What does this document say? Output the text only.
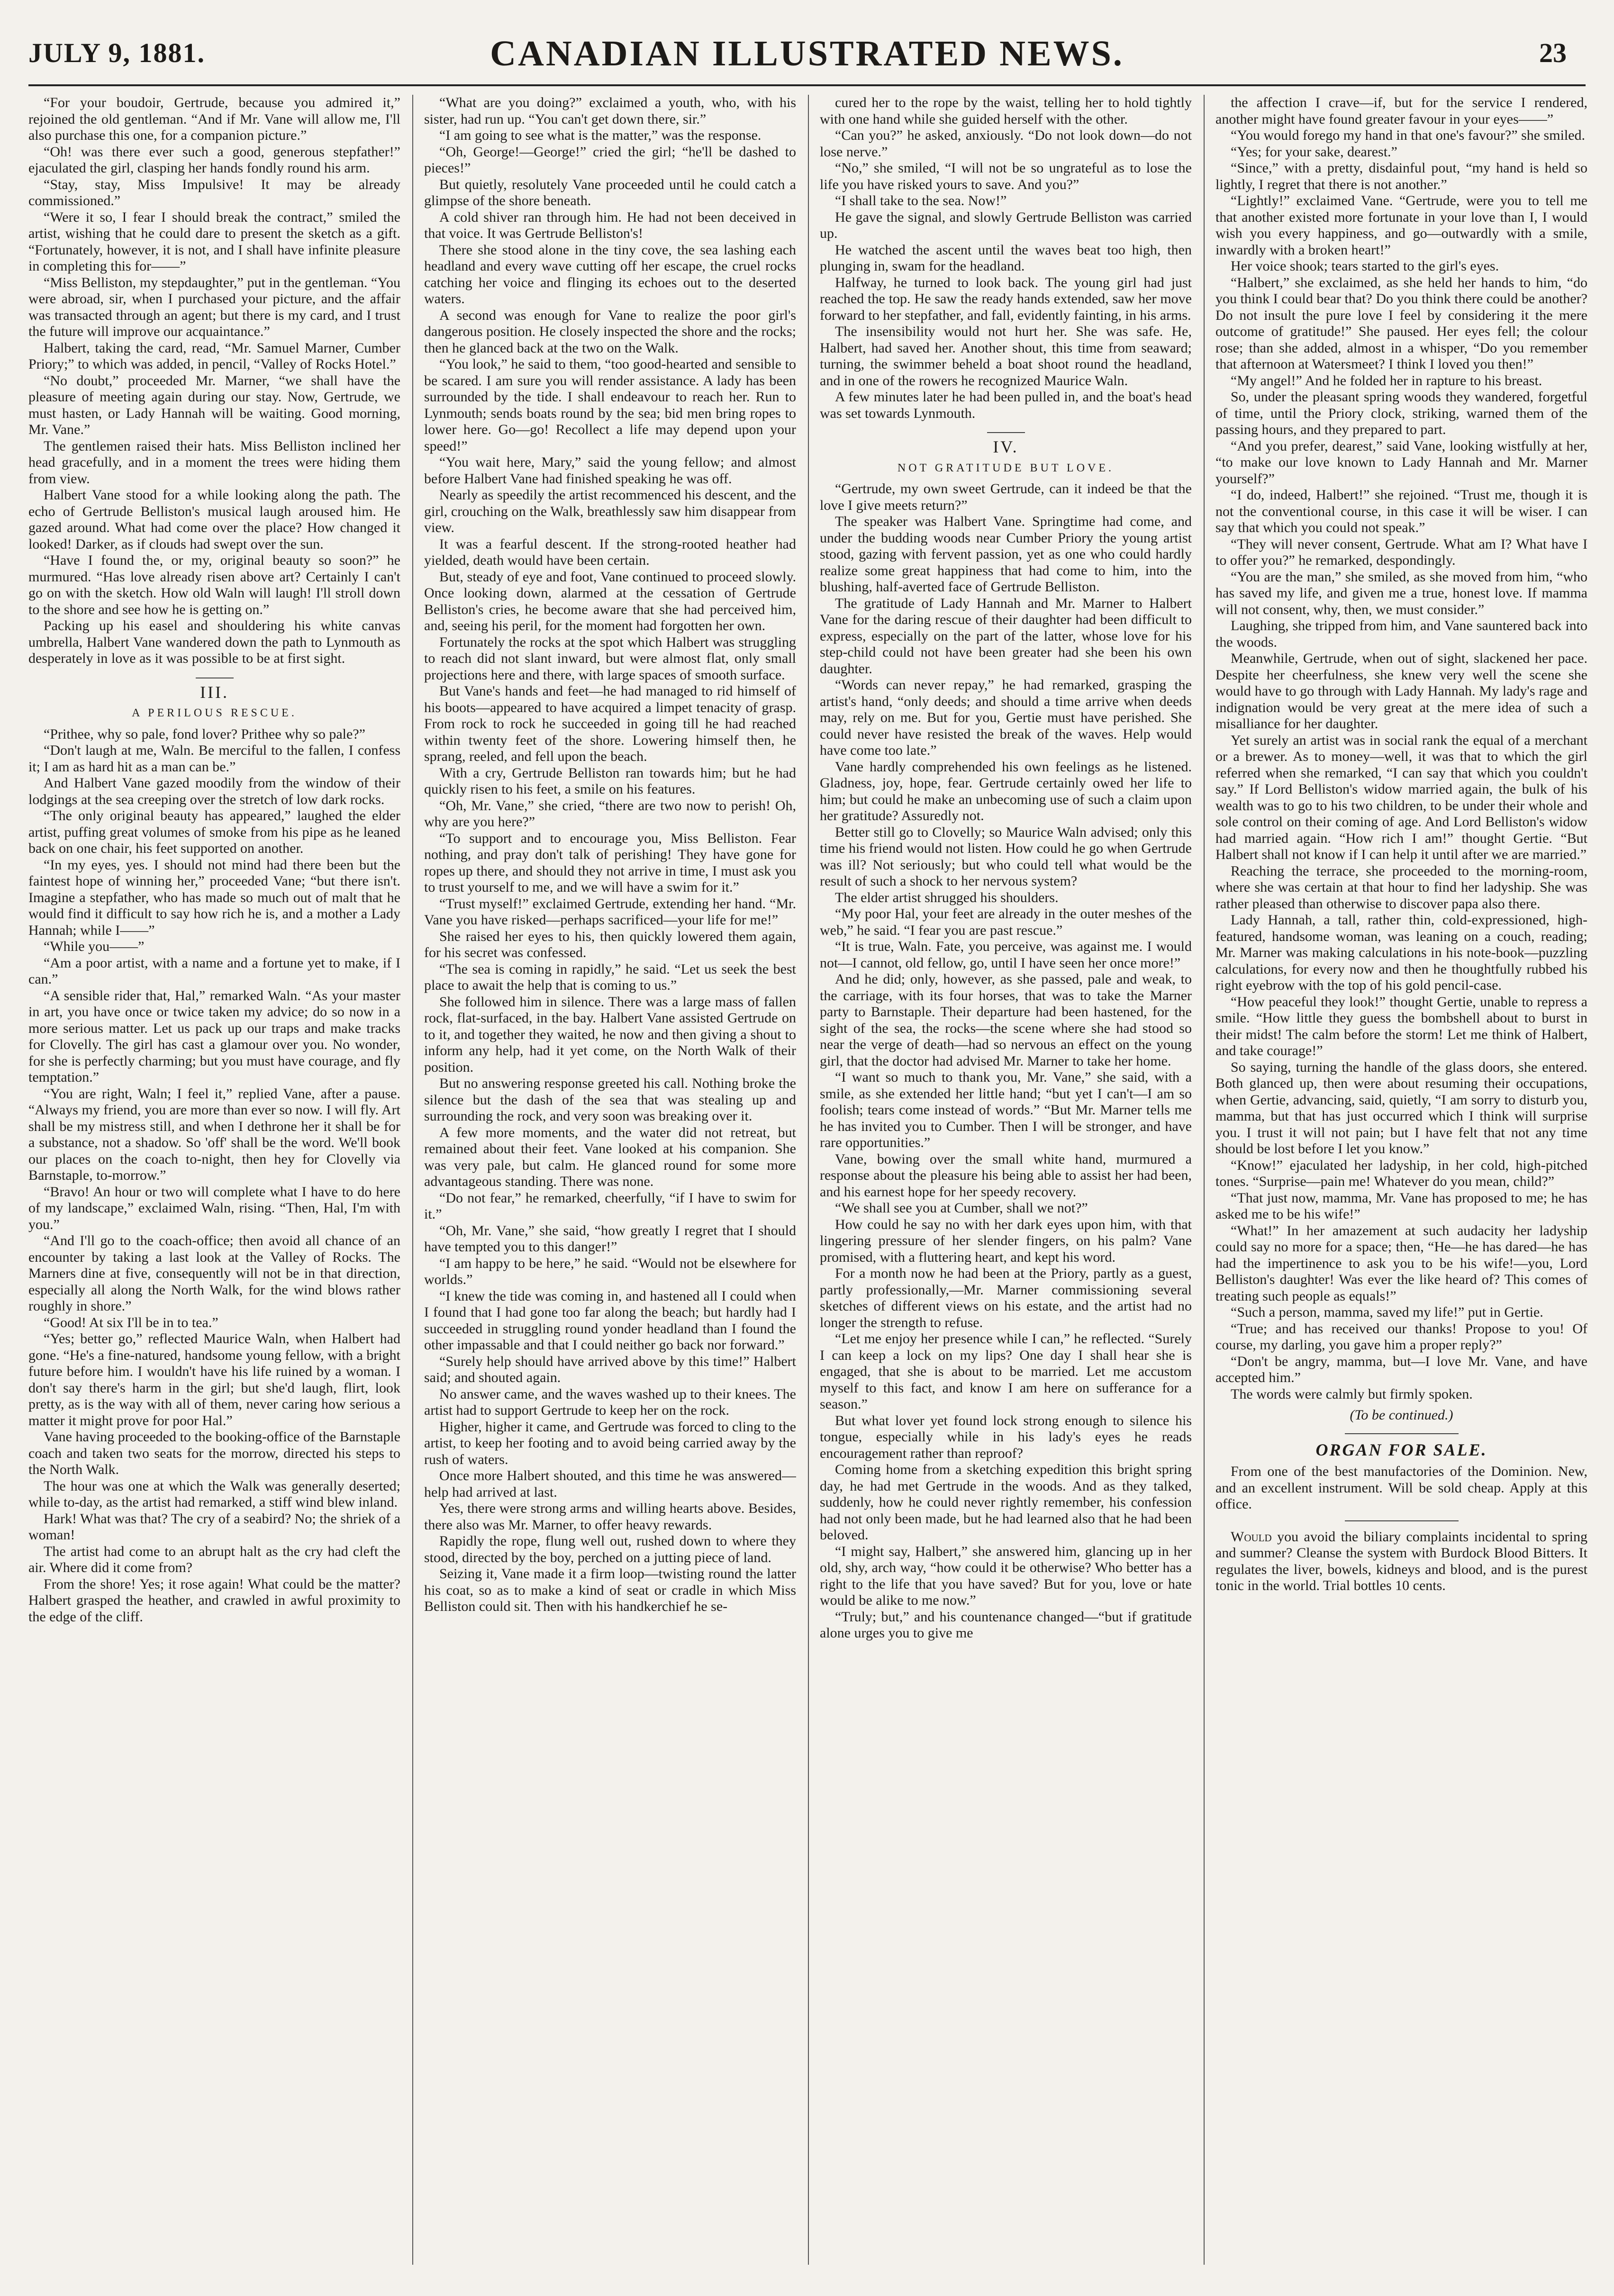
JULY 9, 1881.	CANADIAN ILLUSTRATED NEWS.	23

“For your boudoir, Gertrude, because you admired it,” rejoined the old gentleman. “And if Mr. Vane will allow me, I'll also purchase this one, for a companion picture.”

“Oh! was there ever such a good, generous stepfather!” ejaculated the girl, clasping her hands fondly round his arm.

“Stay, stay, Miss Impulsive! It may be already commissioned.”

“Were it so, I fear I should break the contract,” smiled the artist, wishing that he could dare to present the sketch as a gift. “Fortunately, however, it is not, and I shall have infinite pleasure in completing this for——”

“Miss Belliston, my stepdaughter,” put in the gentleman. “You were abroad, sir, when I purchased your picture, and the affair was transacted through an agent; but there is my card, and I trust the future will improve our acquaintance.”

Halbert, taking the card, read, “Mr. Samuel Marner, Cumber Priory;” to which was added, in pencil, “Valley of Rocks Hotel.”

“No doubt,” proceeded Mr. Marner, “we shall have the pleasure of meeting again during our stay. Now, Gertrude, we must hasten, or Lady Hannah will be waiting. Good morning, Mr. Vane.”

The gentlemen raised their hats. Miss Belliston inclined her head gracefully, and in a moment the trees were hiding them from view.

Halbert Vane stood for a while looking along the path. The echo of Gertrude Belliston's musical laugh aroused him. He gazed around. What had come over the place? How changed it looked! Darker, as if clouds had swept over the sun.

“Have I found the, or my, original beauty so soon?” he murmured. “Has love already risen above art? Certainly I can't go on with the sketch. How old Waln will laugh! I'll stroll down to the shore and see how he is getting on.”

Packing up his easel and shouldering his white canvas umbrella, Halbert Vane wandered down the path to Lynmouth as desperately in love as it was possible to be at first sight.

III.
A PERILOUS RESCUE.

“Prithee, why so pale, fond lover? Prithee why so pale?”

“Don't laugh at me, Waln. Be merciful to the fallen, I confess it; I am as hard hit as a man can be.”

And Halbert Vane gazed moodily from the window of their lodgings at the sea creeping over the stretch of low dark rocks.

“The only original beauty has appeared,” laughed the elder artist, puffing great volumes of smoke from his pipe as he leaned back on one chair, his feet supported on another.

“In my eyes, yes. I should not mind had there been but the faintest hope of winning her,” proceeded Vane; “but there isn't. Imagine a stepfather, who has made so much out of malt that he would find it difficult to say how rich he is, and a mother a Lady Hannah; while I——”

“While you——”

“Am a poor artist, with a name and a fortune yet to make, if I can.”

“A sensible rider that, Hal,” remarked Waln. “As your master in art, you have once or twice taken my advice; do so now in a more serious matter. Let us pack up our traps and make tracks for Clovelly. The girl has cast a glamour over you. No wonder, for she is perfectly charming; but you must have courage, and fly temptation.”

“You are right, Waln; I feel it,” replied Vane, after a pause. “Always my friend, you are more than ever so now. I will fly. Art shall be my mistress still, and when I dethrone her it shall be for a substance, not a shadow. So 'off' shall be the word. We'll book our places on the coach to-night, then hey for Clovelly via Barnstaple, to-morrow.”

“Bravo! An hour or two will complete what I have to do here of my landscape,” exclaimed Waln, rising. “Then, Hal, I'm with you.”

“And I'll go to the coach-office; then avoid all chance of an encounter by taking a last look at the Valley of Rocks. The Marners dine at five, consequently will not be in that direction, especially all along the North Walk, for the wind blows rather roughly in shore.”

“Good! At six I'll be in to tea.”

“Yes; better go,” reflected Maurice Waln, when Halbert had gone. “He's a fine-natured, handsome young fellow, with a bright future before him. I wouldn't have his life ruined by a woman. I don't say there's harm in the girl; but she'd laugh, flirt, look pretty, as is the way with all of them, never caring how serious a matter it might prove for poor Hal.”

Vane having proceeded to the booking-office of the Barnstaple coach and taken two seats for the morrow, directed his steps to the North Walk.

The hour was one at which the Walk was generally deserted; while to-day, as the artist had remarked, a stiff wind blew inland.

Hark! What was that? The cry of a seabird? No; the shriek of a woman!

The artist had come to an abrupt halt as the cry had cleft the air. Where did it come from?

From the shore! Yes; it rose again! What could be the matter? Halbert grasped the heather, and crawled in awful proximity to the edge of the cliff.

“What are you doing?” exclaimed a youth, who, with his sister, had run up. “You can't get down there, sir.”

“I am going to see what is the matter,” was the response.

“Oh, George!—George!” cried the girl; “he'll be dashed to pieces!”

But quietly, resolutely Vane proceeded until he could catch a glimpse of the shore beneath.

A cold shiver ran through him. He had not been deceived in that voice. It was Gertrude Belliston's!

There she stood alone in the tiny cove, the sea lashing each headland and every wave cutting off her escape, the cruel rocks catching her voice and flinging its echoes out to the deserted waters.

A second was enough for Vane to realize the poor girl's dangerous position. He closely inspected the shore and the rocks; then he glanced back at the two on the Walk.

“You look,” he said to them, “too good-hearted and sensible to be scared. I am sure you will render assistance. A lady has been surrounded by the tide. I shall endeavour to reach her. Run to Lynmouth; sends boats round by the sea; bid men bring ropes to lower here. Go—go! Recollect a life may depend upon your speed!”

“You wait here, Mary,” said the young fellow; and almost before Halbert Vane had finished speaking he was off.

Nearly as speedily the artist recommenced his descent, and the girl, crouching on the Walk, breathlessly saw him disappear from view.

It was a fearful descent. If the strong-rooted heather had yielded, death would have been certain.

But, steady of eye and foot, Vane continued to proceed slowly. Once looking down, alarmed at the cessation of Gertrude Belliston's cries, he become aware that she had perceived him, and, seeing his peril, for the moment had forgotten her own.

Fortunately the rocks at the spot which Halbert was struggling to reach did not slant inward, but were almost flat, only small projections here and there, with large spaces of smooth surface.

But Vane's hands and feet—he had managed to rid himself of his boots—appeared to have acquired a limpet tenacity of grasp. From rock to rock he succeeded in going till he had reached within twenty feet of the shore. Lowering himself then, he sprang, reeled, and fell upon the beach.

With a cry, Gertrude Belliston ran towards him; but he had quickly risen to his feet, a smile on his features.

“Oh, Mr. Vane,” she cried, “there are two now to perish! Oh, why are you here?”

“To support and to encourage you, Miss Belliston. Fear nothing, and pray don't talk of perishing! They have gone for ropes up there, and should they not arrive in time, I must ask you to trust yourself to me, and we will have a swim for it.”

“Trust myself!” exclaimed Gertrude, extending her hand. “Mr. Vane you have risked—perhaps sacrificed—your life for me!”

She raised her eyes to his, then quickly lowered them again, for his secret was confessed.

“The sea is coming in rapidly,” he said. “Let us seek the best place to await the help that is coming to us.”

She followed him in silence. There was a large mass of fallen rock, flat-surfaced, in the bay. Halbert Vane assisted Gertrude on to it, and together they waited, he now and then giving a shout to inform any help, had it yet come, on the North Walk of their position.

But no answering response greeted his call. Nothing broke the silence but the dash of the sea that was stealing up and surrounding the rock, and very soon was breaking over it.

A few more moments, and the water did not retreat, but remained about their feet. Vane looked at his companion. She was very pale, but calm. He glanced round for some more advantageous standing. There was none.

“Do not fear,” he remarked, cheerfully, “if I have to swim for it.”

“Oh, Mr. Vane,” she said, “how greatly I regret that I should have tempted you to this danger!”

“I am happy to be here,” he said. “Would not be elsewhere for worlds.”

“I knew the tide was coming in, and hastened all I could when I found that I had gone too far along the beach; but hardly had I succeeded in struggling round yonder headland than I found the other impassable and that I could neither go back nor forward.”

“Surely help should have arrived above by this time!” Halbert said; and shouted again.

No answer came, and the waves washed up to their knees. The artist had to support Gertrude to keep her on the rock.

Higher, higher it came, and Gertrude was forced to cling to the artist, to keep her footing and to avoid being carried away by the rush of waters.

Once more Halbert shouted, and this time he was answered—help had arrived at last.

Yes, there were strong arms and willing hearts above. Besides, there also was Mr. Marner, to offer heavy rewards.

Rapidly the rope, flung well out, rushed down to where they stood, directed by the boy, perched on a jutting piece of land.

Seizing it, Vane made it a firm loop—twisting round the latter his coat, so as to make a kind of seat or cradle in which Miss Belliston could sit. Then with his handkerchief he se-

cured her to the rope by the waist, telling her to hold tightly with one hand while she guided herself with the other.

“Can you?” he asked, anxiously. “Do not look down—do not lose nerve.”

“No,” she smiled, “I will not be so ungrateful as to lose the life you have risked yours to save. And you?”

“I shall take to the sea. Now!”

He gave the signal, and slowly Gertrude Belliston was carried up.

He watched the ascent until the waves beat too high, then plunging in, swam for the headland.

Halfway, he turned to look back. The young girl had just reached the top. He saw the ready hands extended, saw her move forward to her stepfather, and fall, evidently fainting, in his arms.

The insensibility would not hurt her. She was safe. He, Halbert, had saved her. Another shout, this time from seaward; turning, the swimmer beheld a boat shoot round the headland, and in one of the rowers he recognized Maurice Waln.

A few minutes later he had been pulled in, and the boat's head was set towards Lynmouth.

IV.
NOT GRATITUDE BUT LOVE.

“Gertrude, my own sweet Gertrude, can it indeed be that the love I give meets return?”

The speaker was Halbert Vane. Springtime had come, and under the budding woods near Cumber Priory the young artist stood, gazing with fervent passion, yet as one who could hardly realize some great happiness that had come to him, into the blushing, half-averted face of Gertrude Belliston.

The gratitude of Lady Hannah and Mr. Marner to Halbert Vane for the daring rescue of their daughter had been difficult to express, especially on the part of the latter, whose love for his step-child could not have been greater had she been his own daughter.

“Words can never repay,” he had remarked, grasping the artist's hand, “only deeds; and should a time arrive when deeds may, rely on me. But for you, Gertie must have perished. She could never have resisted the break of the waves. Help would have come too late.”

Vane hardly comprehended his own feelings as he listened. Gladness, joy, hope, fear. Gertrude certainly owed her life to him; but could he make an unbecoming use of such a claim upon her gratitude? Assuredly not.

Better still go to Clovelly; so Maurice Waln advised; only this time his friend would not listen. How could he go when Gertrude was ill? Not seriously; but who could tell what would be the result of such a shock to her nervous system?

The elder artist shrugged his shoulders.

“My poor Hal, your feet are already in the outer meshes of the web,” he said. “I fear you are past rescue.”

“It is true, Waln. Fate, you perceive, was against me. I would not—I cannot, old fellow, go, until I have seen her once more!”

And he did; only, however, as she passed, pale and weak, to the carriage, with its four horses, that was to take the Marner party to Barnstaple. Their departure had been hastened, for the sight of the sea, the rocks—the scene where she had stood so near the verge of death—had so nervous an effect on the young girl, that the doctor had advised Mr. Marner to take her home.

“I want so much to thank you, Mr. Vane,” she said, with a smile, as she extended her little hand; “but yet I can't—I am so foolish; tears come instead of words.” “But Mr. Marner tells me he has invited you to Cumber. Then I will be stronger, and have rare opportunities.”

Vane, bowing over the small white hand, murmured a response about the pleasure his being able to assist her had been, and his earnest hope for her speedy recovery.

“We shall see you at Cumber, shall we not?”

How could he say no with her dark eyes upon him, with that lingering pressure of her slender fingers, on his palm? Vane promised, with a fluttering heart, and kept his word.

For a month now he had been at the Priory, partly as a guest, partly professionally,—Mr. Marner commissioning several sketches of different views on his estate, and the artist had no longer the strength to refuse.

“Let me enjoy her presence while I can,” he reflected. “Surely I can keep a lock on my lips? One day I shall hear she is engaged, that she is about to be married. Let me accustom myself to this fact, and know I am here on sufferance for a season.”

But what lover yet found lock strong enough to silence his tongue, especially while in his lady's eyes he reads encouragement rather than reproof?

Coming home from a sketching expedition this bright spring day, he had met Gertrude in the woods. And as they talked, suddenly, how he could never rightly remember, his confession had not only been made, but he had learned also that he had been beloved.

“I might say, Halbert,” she answered him, glancing up in her old, shy, arch way, “how could it be otherwise? Who better has a right to the life that you have saved? But for you, love or hate would be alike to me now.”

“Truly; but,” and his countenance changed—“but if gratitude alone urges you to give me

the affection I crave—if, but for the service I rendered, another might have found greater favour in your eyes——”

“You would forego my hand in that one's favour?” she smiled.

“Yes; for your sake, dearest.”

“Since,” with a pretty, disdainful pout, “my hand is held so lightly, I regret that there is not another.”

“Lightly!” exclaimed Vane. “Gertrude, were you to tell me that another existed more fortunate in your love than I, I would wish you every happiness, and go—outwardly with a smile, inwardly with a broken heart!”

Her voice shook; tears started to the girl's eyes.

“Halbert,” she exclaimed, as she held her hands to him, “do you think I could bear that? Do you think there could be another? Do not insult the pure love I feel by considering it the mere outcome of gratitude!” She paused. Her eyes fell; the colour rose; than she added, almost in a whisper, “Do you remember that afternoon at Watersmeet? I think I loved you then!”

“My angel!” And he folded her in rapture to his breast.

So, under the pleasant spring woods they wandered, forgetful of time, until the Priory clock, striking, warned them of the passing hours, and they prepared to part.

“And you prefer, dearest,” said Vane, looking wistfully at her, “to make our love known to Lady Hannah and Mr. Marner yourself?”

“I do, indeed, Halbert!” she rejoined. “Trust me, though it is not the conventional course, in this case it will be wiser. I can say that which you could not speak.”

“They will never consent, Gertrude. What am I? What have I to offer you?” he remarked, despondingly.

“You are the man,” she smiled, as she moved from him, “who has saved my life, and given me a true, honest love. If mamma will not consent, why, then, we must consider.”

Laughing, she tripped from him, and Vane sauntered back into the woods.

Meanwhile, Gertrude, when out of sight, slackened her pace. Despite her cheerfulness, she knew very well the scene she would have to go through with Lady Hannah. My lady's rage and indignation would be very great at the mere idea of such a misalliance for her daughter.

Yet surely an artist was in social rank the equal of a merchant or a brewer. As to money—well, it was that to which the girl referred when she remarked, “I can say that which you couldn't say.” If Lord Belliston's widow married again, the bulk of his wealth was to go to his two children, to be under their whole and sole control on their coming of age. And Lord Belliston's widow had married again. “How rich I am!” thought Gertie. “But Halbert shall not know if I can help it until after we are married.”

Reaching the terrace, she proceeded to the morning-room, where she was certain at that hour to find her ladyship. She was rather pleased than otherwise to discover papa also there.

Lady Hannah, a tall, rather thin, cold-expressioned, high-featured, handsome woman, was leaning on a couch, reading; Mr. Marner was making calculations in his note-book—puzzling calculations, for every now and then he thoughtfully rubbed his right eyebrow with the top of his gold pencil-case.

“How peaceful they look!” thought Gertie, unable to repress a smile. “How little they guess the bombshell about to burst in their midst! The calm before the storm! Let me think of Halbert, and take courage!”

So saying, turning the handle of the glass doors, she entered. Both glanced up, then were about resuming their occupations, when Gertie, advancing, said, quietly, “I am sorry to disturb you, mamma, but that has just occurred which I think will surprise you. I trust it will not pain; but I have felt that not any time should be lost before I let you know.”

“Know!” ejaculated her ladyship, in her cold, high-pitched tones. “Surprise—pain me! Whatever do you mean, child?”

“That just now, mamma, Mr. Vane has proposed to me; he has asked me to be his wife!”

“What!” In her amazement at such audacity her ladyship could say no more for a space; then, “He—he has dared—he has had the impertinence to ask you to be his wife!—you, Lord Belliston's daughter! Was ever the like heard of? This comes of treating such people as equals!”

“Such a person, mamma, saved my life!” put in Gertie.

“True; and has received our thanks! Propose to you! Of course, my darling, you gave him a proper reply?”

“Don't be angry, mamma, but—I love Mr. Vane, and have accepted him.”

The words were calmly but firmly spoken.

(To be continued.)
ORGAN FOR SALE.

From one of the best manufactories of the Dominion. New, and an excellent instrument. Will be sold cheap. Apply at this office.

Would you avoid the biliary complaints incidental to spring and summer? Cleanse the system with Burdock Blood Bitters. It regulates the liver, bowels, kidneys and blood, and is the purest tonic in the world. Trial bottles 10 cents.
